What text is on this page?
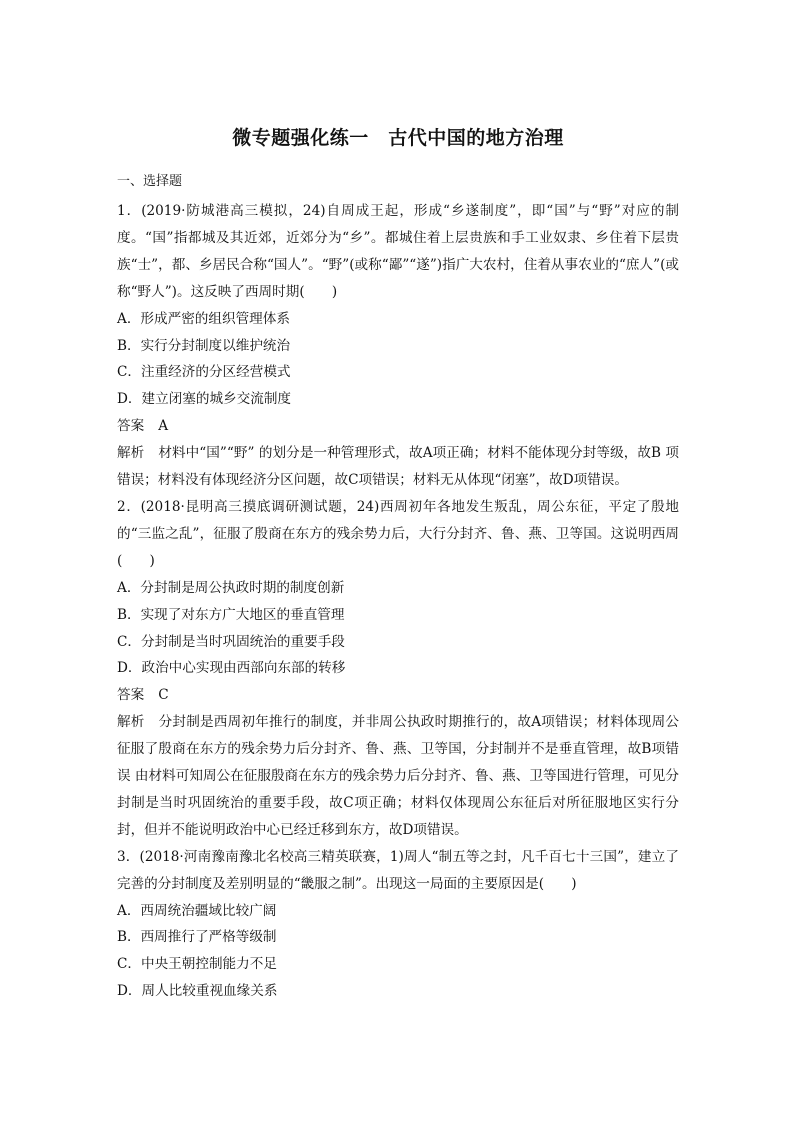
微专题强化练一　古代中国的地方治理
一、选择题

1．(2019·防城港高三模拟，24)自周成王起，形成“乡遂制度”，即“国”与“野”对应的制度。“国”指都城及其近郊，近郊分为“乡”。都城住着上层贵族和手工业奴隶、乡住着下层贵族“士”，都、乡居民合称“国人”。“野”(或称“鄙”“遂”)指广大农村，住着从事农业的“庶人”(或称“野人”)。这反映了西周时期(　　)

A．形成严密的组织管理体系

B．实行分封制度以维护统治

C．注重经济的分区经营模式

D．建立闭塞的城乡交流制度

答案 A

解析 材料中“国”“野” 的划分是一种管理形式，故A项正确；材料不能体现分封等级，故B 项错误；材料没有体现经济分区问题，故C项错误；材料无从体现“闭塞”，故D项错误。

2．(2018·昆明高三摸底调研测试题，24)西周初年各地发生叛乱，周公东征，平定了殷地的“三监之乱”，征服了殷商在东方的残余势力后，大行分封齐、鲁、燕、卫等国。这说明西周(　　)

A．分封制是周公执政时期的制度创新

B．实现了对东方广大地区的垂直管理

C．分封制是当时巩固统治的重要手段

D．政治中心实现由西部向东部的转移

答案 C

解析 分封制是西周初年推行的制度，并非周公执政时期推行的，故A项错误；材料体现周公征服了殷商在东方的残余势力后分封齐、鲁、燕、卫等国，分封制并不是垂直管理，故B项错误 由材料可知周公在征服殷商在东方的残余势力后分封齐、鲁、燕、卫等国进行管理，可见分封制是当时巩固统治的重要手段，故C项正确；材料仅体现周公东征后对所征服地区实行分封，但并不能说明政治中心已经迁移到东方，故D项错误。

3．(2018·河南豫南豫北名校高三精英联赛，1)周人“制五等之封，凡千百七十三国”，建立了完善的分封制度及差别明显的“畿服之制”。出现这一局面的主要原因是(　　)

A．西周统治疆域比较广阔

B．西周推行了严格等级制

C．中央王朝控制能力不足

D．周人比较重视血缘关系
